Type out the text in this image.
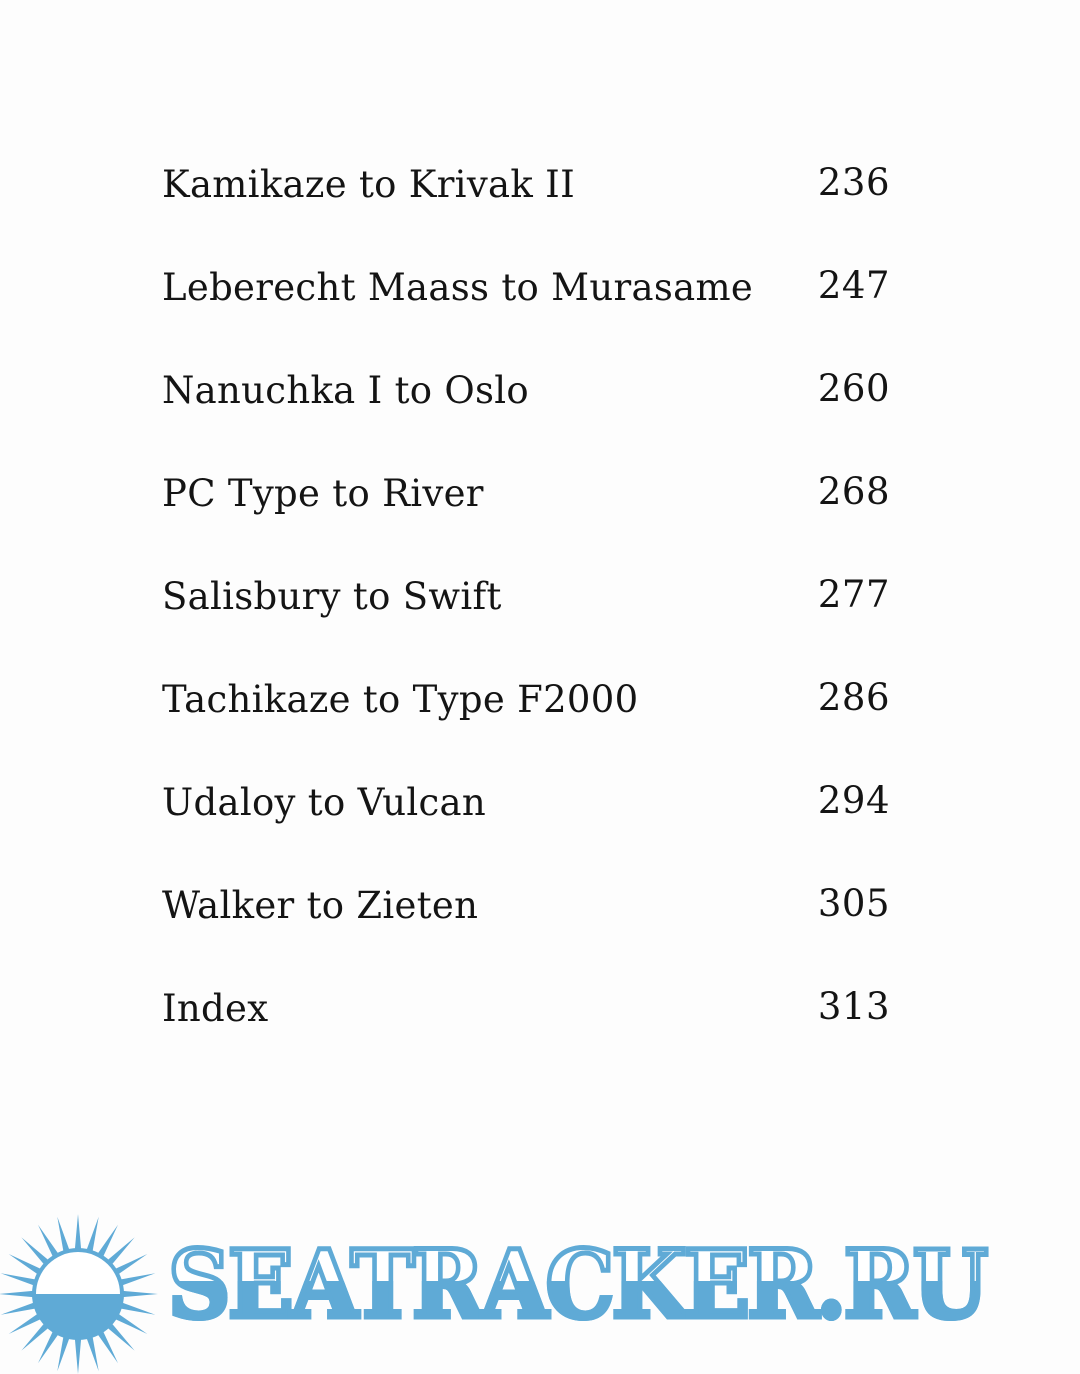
Kamikaze to Krivak II	236
Leberecht Maass to Murasame 247
Nanuchka I to Oslo	260
PC Type to River	268
Salisbury to Swift	277
Tachikaze to Type F2000	286
Udaloy to Vulcan	294
Walker to Zieten	305
Index	313
SEATRACKER.RU
